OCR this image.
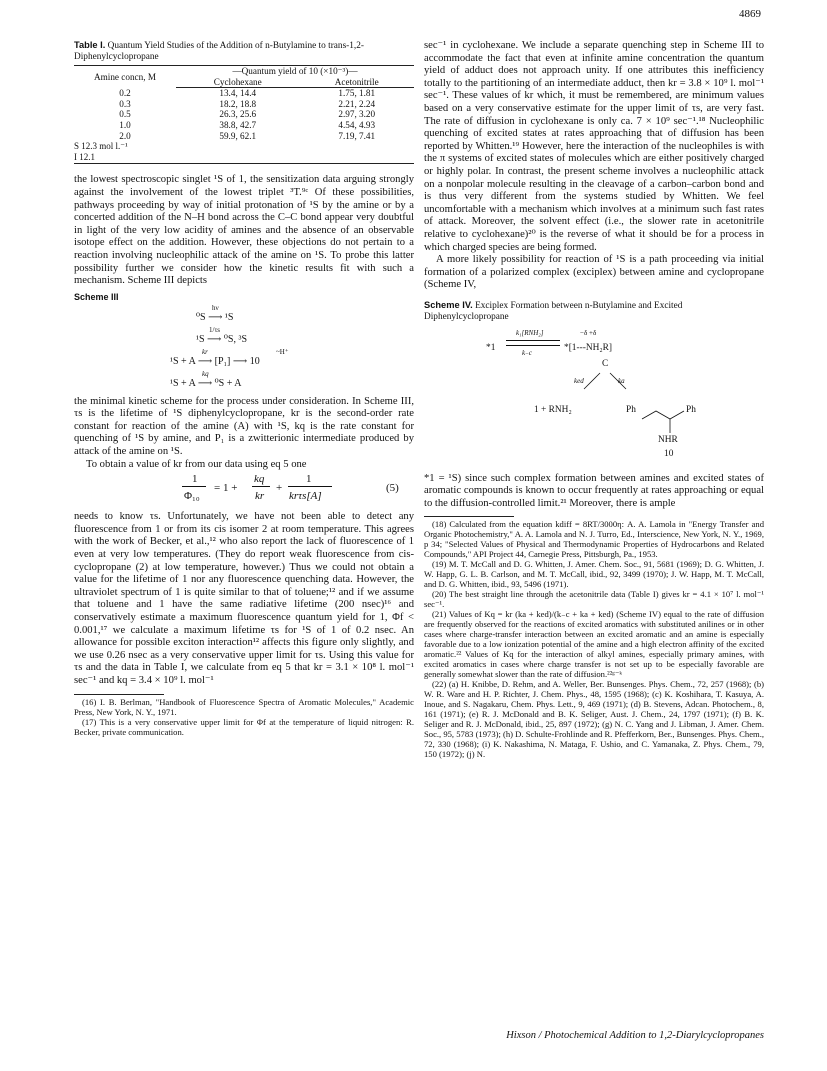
4869
Table I. Quantum Yield Studies of the Addition of n-Butylamine to trans-1,2-Diphenylcyclopropane
Amine concn, M	—Quantum yield of 10 (×10⁻³)—	
	Cyclohexane	Acetonitrile
0.2	13.4, 14.4	1.75, 1.81
0.3	18.2, 18.8	2.21, 2.24
0.5	26.3, 25.6	2.97, 3.20
1.0	38.8, 42.7	4.54, 4.93
2.0	59.9, 62.1	7.19, 7.41
S 12.3 mol l.⁻¹
I 12.1

the lowest spectroscopic singlet ¹S of 1, the sensitization data arguing strongly against the involvement of the lowest triplet ³T.⁹ᶜ Of these possibilities, pathways proceeding by way of initial protonation of ¹S by the amine or by a concerted addition of the N–H bond across the C–C bond appear very doubtful in light of the very low acidity of amines and the absence of an observable isotope effect on the addition. However, these objections do not pertain to a reaction involving nucleophilic attack of the amine on ¹S. To probe this latter possibility further we consider how the kinetic results fit with such a mechanism. Scheme III depicts

Scheme III
hν
⁰S ⟶ ¹S
1/τs
¹S ⟶ ⁰S, ³S
kr	~H⁺
¹S + A ⟶ [P₁] ⟶ 10
kq
¹S + A ⟶ ⁰S + A

the minimal kinetic scheme for the process under consideration. In Scheme III, τs is the lifetime of ¹S diphenylcyclopropane, kr is the second-order rate constant for reaction of the amine (A) with ¹S, kq is the rate constant for quenching of ¹S by amine, and P₁ is a zwitterionic intermediate produced by attack of the amine on ¹S.

To obtain a value of kr from our data using eq 5 one

1
Φ₁₀
= 1 +
kq
kr
+
1
krτs[A]
(5)

needs to know τs. Unfortunately, we have not been able to detect any fluorescence from 1 or from its cis isomer 2 at room temperature. This agrees with the work of Becker, et al.,¹² who also report the lack of fluorescence of 1 even at very low temperatures. (They do report weak fluorescence from cis-cyclopropane (2) at low temperature, however.) Thus we could not obtain a value for the lifetime of 1 nor any fluorescence quenching data. However, the ultraviolet spectrum of 1 is quite similar to that of toluene;¹² and if we assume that toluene and 1 have the same radiative lifetime (200 nsec)¹⁶ and conservatively estimate a maximum fluorescence quantum yield for 1, Φf < 0.001,¹⁷ we calculate a maximum lifetime τs for ¹S of 1 of 0.2 nsec. An allowance for possible exciton interaction¹² affects this figure only slightly, and we use 0.26 nsec as a very conservative upper limit for τs. Using this value for τs and the data in Table I, we calculate from eq 5 that kr = 3.1 × 10⁸ l. mol⁻¹ sec⁻¹ and kq = 3.4 × 10⁹ l. mol⁻¹

(16) I. B. Berlman, "Handbook of Fluorescence Spectra of Aromatic Molecules," Academic Press, New York, N. Y., 1971.

(17) This is a very conservative upper limit for Φf at the temperature of liquid nitrogen: R. Becker, private communication.

sec⁻¹ in cyclohexane. We include a separate quenching step in Scheme III to accommodate the fact that even at infinite amine concentration the quantum yield of adduct does not approach unity. If one attributes this inefficiency totally to the partitioning of an intermediate adduct, then kr = 3.8 × 10⁹ l. mol⁻¹ sec⁻¹. These values of kr which, it must be remembered, are minimum values based on a very conservative estimate for the upper limit of τs, are very fast. The rate of diffusion in cyclohexane is only ca. 7 × 10⁹ sec⁻¹.¹⁸ Nucleophilic quenching of excited states at rates approaching that of diffusion has been reported by Whitten.¹⁹ However, here the interaction of the nucleophiles is with the π systems of excited states of molecules which are either positively charged or highly polar. In contrast, the present scheme involves a nucleophilic attack on a nonpolar molecule resulting in the cleavage of a carbon–carbon bond and is thus very different from the systems studied by Whitten. We feel uncomfortable with a mechanism which involves at a minimum such fast rates of attack. Moreover, the solvent effect (i.e., the slower rate in acetonitrile relative to cyclohexane)²⁰ is the reverse of what it should be for a process in which charged species are being formed.

A more likely possibility for reaction of ¹S is a path proceeding via initial formation of a polarized complex (exciplex) between amine and cyclopropane (Scheme IV,

Scheme IV. Exciplex Formation between n-Butylamine and Excited Diphenylcyclopropane
*1
k₁[RNH₂]
k₋c
−δ +δ
*[1---NH₂R]
C
ked	ka
1 + RNH₂	Ph	Ph
NHR
10

*1 = ¹S) since such complex formation between amines and excited states of aromatic compounds is known to occur frequently at rates approaching or equal to the diffusion-controlled limit.²¹ Moreover, there is ample

(18) Calculated from the equation kdiff = 8RT/3000η: A. A. Lamola in "Energy Transfer and Organic Photochemistry," A. A. Lamola and N. J. Turro, Ed., Interscience, New York, N. Y., 1969, p 34; "Selected Values of Physical and Thermodynamic Properties of Hydrocarbons and Related Compounds," API Project 44, Carnegie Press, Pittsburgh, Pa., 1953.

(19) M. T. McCall and D. G. Whitten, J. Amer. Chem. Soc., 91, 5681 (1969); D. G. Whitten, J. W. Happ, G. L. B. Carlson, and M. T. McCall, ibid., 92, 3499 (1970); J. W. Happ, M. T. McCall, and D. G. Whitten, ibid., 93, 5496 (1971).

(20) The best straight line through the acetonitrile data (Table I) gives kr = 4.1 × 10⁷ l. mol⁻¹ sec⁻¹.

(21) Values of Kq = kr (ka + ked)/(k₋c + ka + ked) (Scheme IV) equal to the rate of diffusion are frequently observed for the reactions of excited aromatics with substituted anilines or in other cases where charge-transfer interaction between an excited aromatic and an amine is especially favorable due to a low ionization potential of the amine and a high electron affinity of the excited aromatic.²² Values of Kq for the interaction of alkyl amines, especially primary amines, with excited aromatics in cases where charge transfer is not set up to be especially favorable are generally somewhat slower than the rate of diffusion.²²ᵍ⁻ᵏ

(22) (a) H. Knibbe, D. Rehm, and A. Weller, Ber. Bunsenges. Phys. Chem., 72, 257 (1968); (b) W. R. Ware and H. P. Richter, J. Chem. Phys., 48, 1595 (1968); (c) K. Koshihara, T. Kasuya, A. Inoue, and S. Nagakaru, Chem. Phys. Lett., 9, 469 (1971); (d) B. Stevens, Adcan. Photochem., 8, 161 (1971); (e) R. J. McDonald and B. K. Seliger, Aust. J. Chem., 24, 1797 (1971); (f) B. K. Seliger and R. J. McDonald, ibid., 25, 897 (1972); (g) N. C. Yang and J. Libman, J. Amer. Chem. Soc., 95, 5783 (1973); (h) D. Schulte-Frohlinde and R. Pfefferkorn, Ber., Bunsenges. Phys. Chem., 72, 330 (1968); (i) K. Nakashima, N. Mataga, F. Ushio, and C. Yamanaka, Z. Phys. Chem., 79, 150 (1972); (j) N.

Hixson / Photochemical Addition to 1,2-Diarylcyclopropanes
